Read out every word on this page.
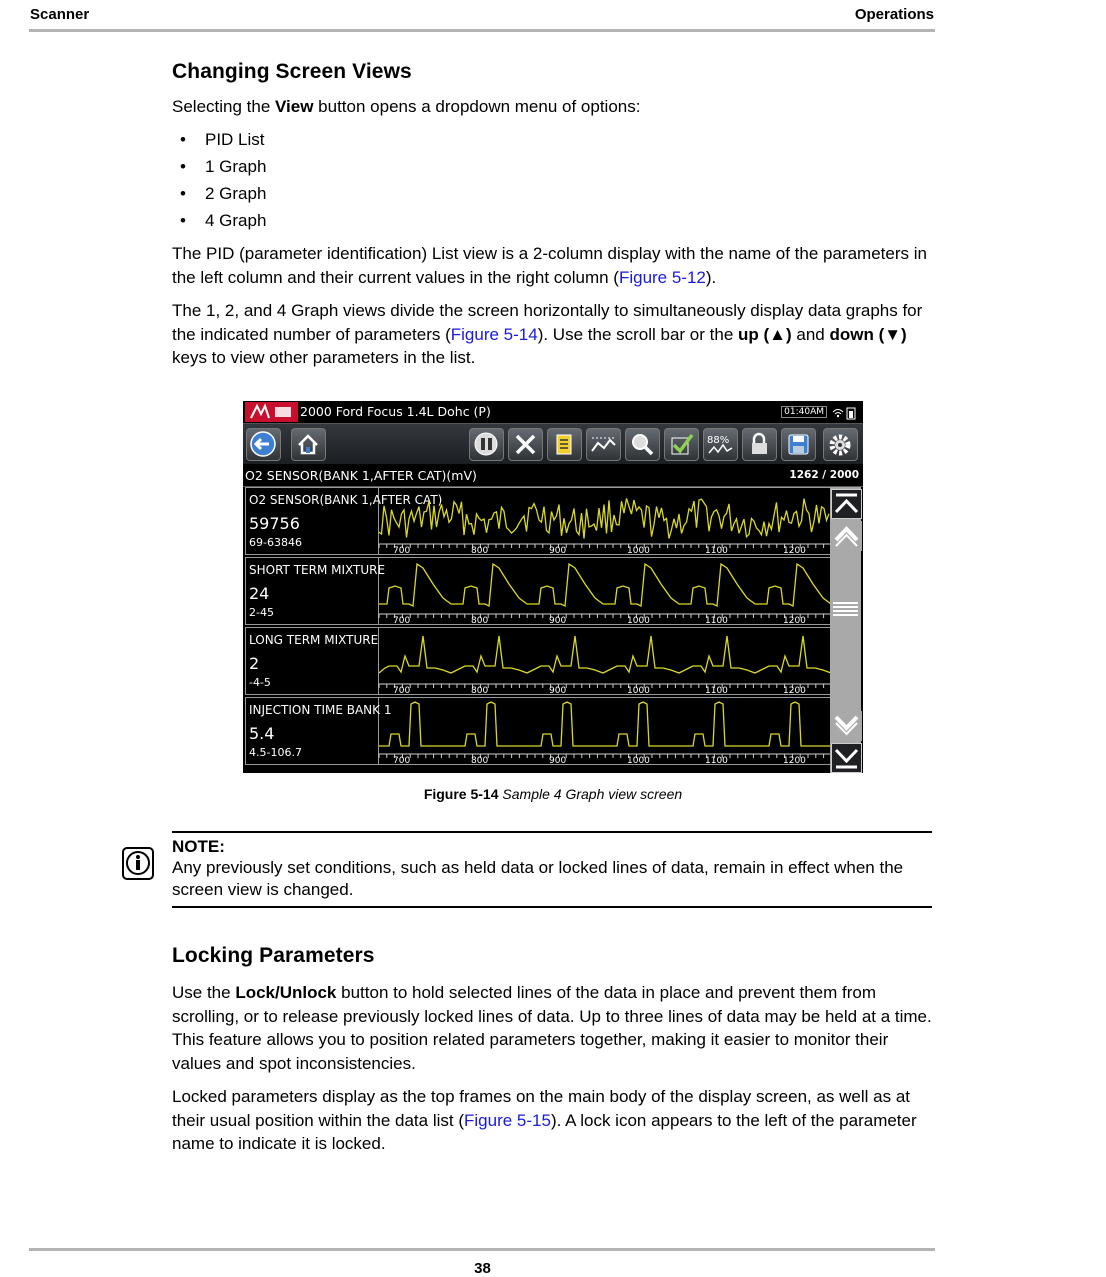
Scanner	Operations
Changing Screen Views
Selecting the View button opens a dropdown menu of options:
• PID List
• 1 Graph
• 2 Graph
• 4 Graph
The PID (parameter identification) List view is a 2-column display with the name of the parameters in the left column and their current values in the right column (Figure 5-12).
The 1, 2, and 4 Graph views divide the screen horizontally to simultaneously display data graphs for the indicated number of parameters (Figure 5-14). Use the scroll bar or the up (▲) and down (▼) keys to view other parameters in the list.
2000 Ford Focus 1.4L Dohc (P)	01:40AM
88%
O2 SENSOR(BANK 1,AFTER CAT)(mV)	1262 / 2000
O2 SENSOR(BANK 1,AFTER CAT)
59756
69-63846
700	800	900	1000	1100	1200
SHORT TERM MIXTURE
24
2-45
700	800	900	1000	1100	1200
LONG TERM MIXTURE
2
-4-5
700	800	900	1000	1100	1200
INJECTION TIME BANK 1
5.4
4.5-106.7
700	800	900	1000	1100	1200
Figure 5-14 Sample 4 Graph view screen
NOTE:
Any previously set conditions, such as held data or locked lines of data, remain in effect when the screen view is changed.
Locking Parameters
Use the Lock/Unlock button to hold selected lines of the data in place and prevent them from scrolling, or to release previously locked lines of data. Up to three lines of data may be held at a time. This feature allows you to position related parameters together, making it easier to monitor their values and spot inconsistencies.
Locked parameters display as the top frames on the main body of the display screen, as well as at their usual position within the data list (Figure 5-15). A lock icon appears to the left of the parameter name to indicate it is locked.
38
